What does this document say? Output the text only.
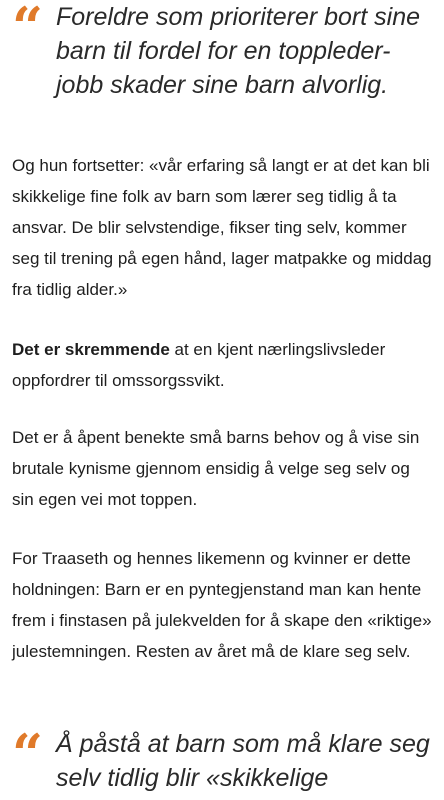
“ Foreldre som prioriterer bort sine barn til fordel for en toppleder-jobb skader sine barn alvorlig.

Og hun fortsetter: «vår erfaring så langt er at det kan bli skikkelige fine folk av barn som lærer seg tidlig å ta ansvar. De blir selvstendige, fikser ting selv, kommer seg til trening på egen hånd, lager matpakke og middag fra tidlig alder.»

Det er skremmende at en kjent nærlingslivsleder oppfordrer til omssorgssvikt.

Det er å åpent benekte små barns behov og å vise sin brutale kynisme gjennom ensidig å velge seg selv og sin egen vei mot toppen.

For Traaseth og hennes likemenn og kvinner er dette holdningen: Barn er en pyntegjenstand man kan hente frem i finstasen på julekvelden for å skape den «riktige» julestemningen. Resten av året må de klare seg selv.

“ Å påstå at barn som må klare seg selv tidlig blir «skikkelige
